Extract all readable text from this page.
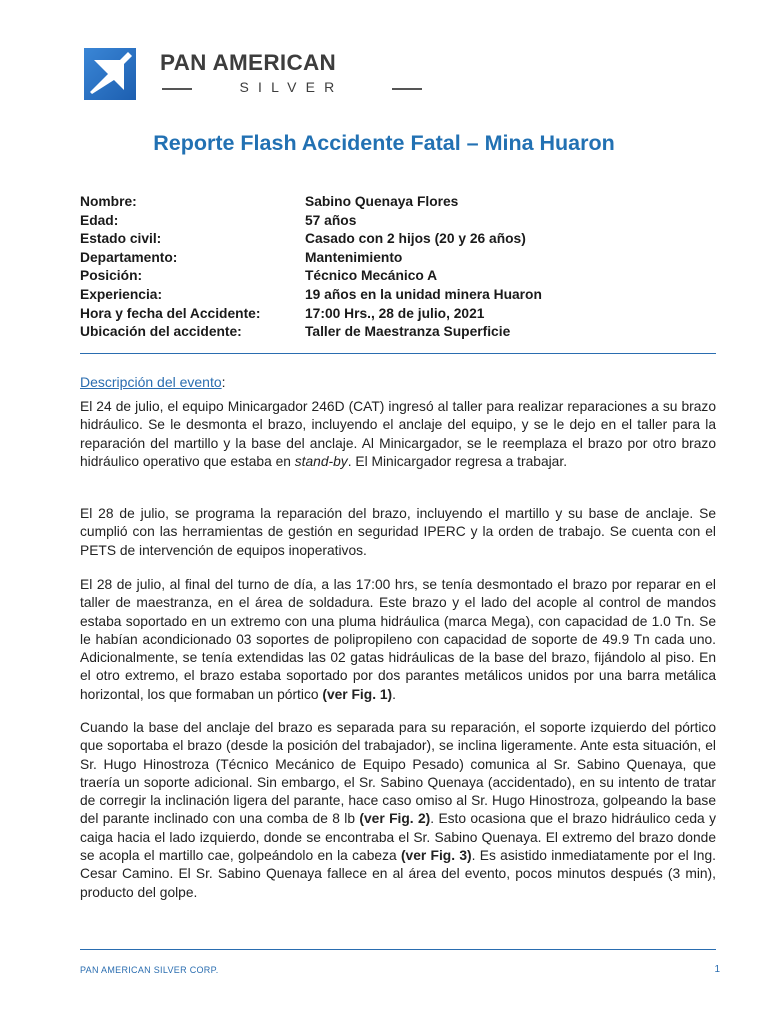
PAN AMERICAN
SILVER
Reporte Flash Accidente Fatal – Mina Huaron
Nombre:	Sabino Quenaya Flores
Edad:	57 años
Estado civil:	Casado con 2 hijos (20 y 26 años)
Departamento:	Mantenimiento
Posición:	Técnico Mecánico A
Experiencia:	19 años en la unidad minera Huaron
Hora y fecha del Accidente:	17:00 Hrs., 28 de julio, 2021
Ubicación del accidente:	Taller de Maestranza Superficie
Descripción del evento:

El 24 de julio, el equipo Minicargador 246D (CAT) ingresó al taller para realizar reparaciones a su brazo hidráulico. Se le desmonta el brazo, incluyendo el anclaje del equipo, y se le dejo en el taller para la reparación del martillo y la base del anclaje. Al Minicargador, se le reemplaza el brazo por otro brazo hidráulico operativo que estaba en stand-by. El Minicargador regresa a trabajar.

El 28 de julio, se programa la reparación del brazo, incluyendo el martillo y su base de anclaje. Se cumplió con las herramientas de gestión en seguridad IPERC y la orden de trabajo. Se cuenta con el PETS de intervención de equipos inoperativos.

El 28 de julio, al final del turno de día, a las 17:00 hrs, se tenía desmontado el brazo por reparar en el taller de maestranza, en el área de soldadura. Este brazo y el lado del acople al control de mandos estaba soportado en un extremo con una pluma hidráulica (marca Mega), con capacidad de 1.0 Tn. Se le habían acondicionado 03 soportes de polipropileno con capacidad de soporte de 49.9 Tn cada uno. Adicionalmente, se tenía extendidas las 02 gatas hidráulicas de la base del brazo, fijándolo al piso. En el otro extremo, el brazo estaba soportado por dos parantes metálicos unidos por una barra metálica horizontal, los que formaban un pórtico (ver Fig. 1).

Cuando la base del anclaje del brazo es separada para su reparación, el soporte izquierdo del pórtico que soportaba el brazo (desde la posición del trabajador), se inclina ligeramente. Ante esta situación, el Sr. Hugo Hinostroza (Técnico Mecánico de Equipo Pesado) comunica al Sr. Sabino Quenaya, que traería un soporte adicional. Sin embargo, el Sr. Sabino Quenaya (accidentado), en su intento de tratar de corregir la inclinación ligera del parante, hace caso omiso al Sr. Hugo Hinostroza, golpeando la base del parante inclinado con una comba de 8 lb (ver Fig. 2). Esto ocasiona que el brazo hidráulico ceda y caiga hacia el lado izquierdo, donde se encontraba el Sr. Sabino Quenaya. El extremo del brazo donde se acopla el martillo cae, golpeándolo en la cabeza (ver Fig. 3). Es asistido inmediatamente por el Ing. Cesar Camino. El Sr. Sabino Quenaya fallece en al área del evento, pocos minutos después (3 min), producto del golpe.

PAN AMERICAN SILVER CORP.	1
